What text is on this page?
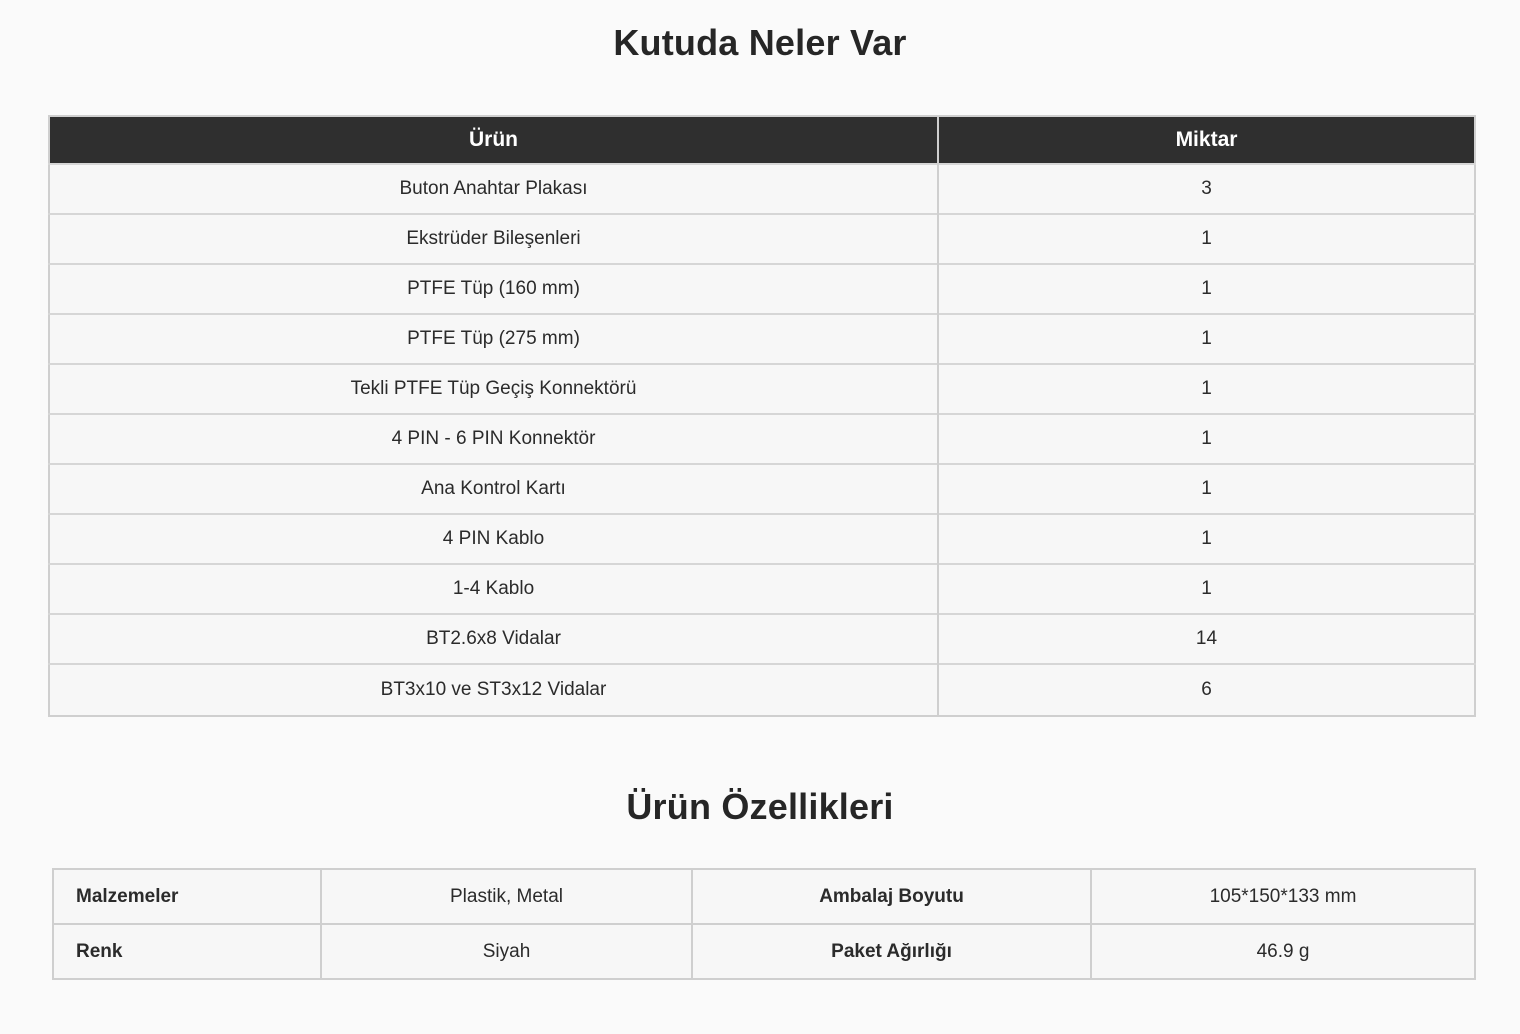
Kutuda Neler Var
Ürün	Miktar
Buton Anahtar Plakası	3
Ekstrüder Bileşenleri	1
PTFE Tüp (160 mm)	1
PTFE Tüp (275 mm)	1
Tekli PTFE Tüp Geçiş Konnektörü	1
4 PIN - 6 PIN Konnektör	1
Ana Kontrol Kartı	1
4 PIN Kablo	1
1-4 Kablo	1
BT2.6x8 Vidalar	14
BT3x10 ve ST3x12 Vidalar	6
Ürün Özellikleri
Malzemeler	Plastik, Metal	Ambalaj Boyutu	105*150*133 mm
Renk	Siyah	Paket Ağırlığı	46.9 g
